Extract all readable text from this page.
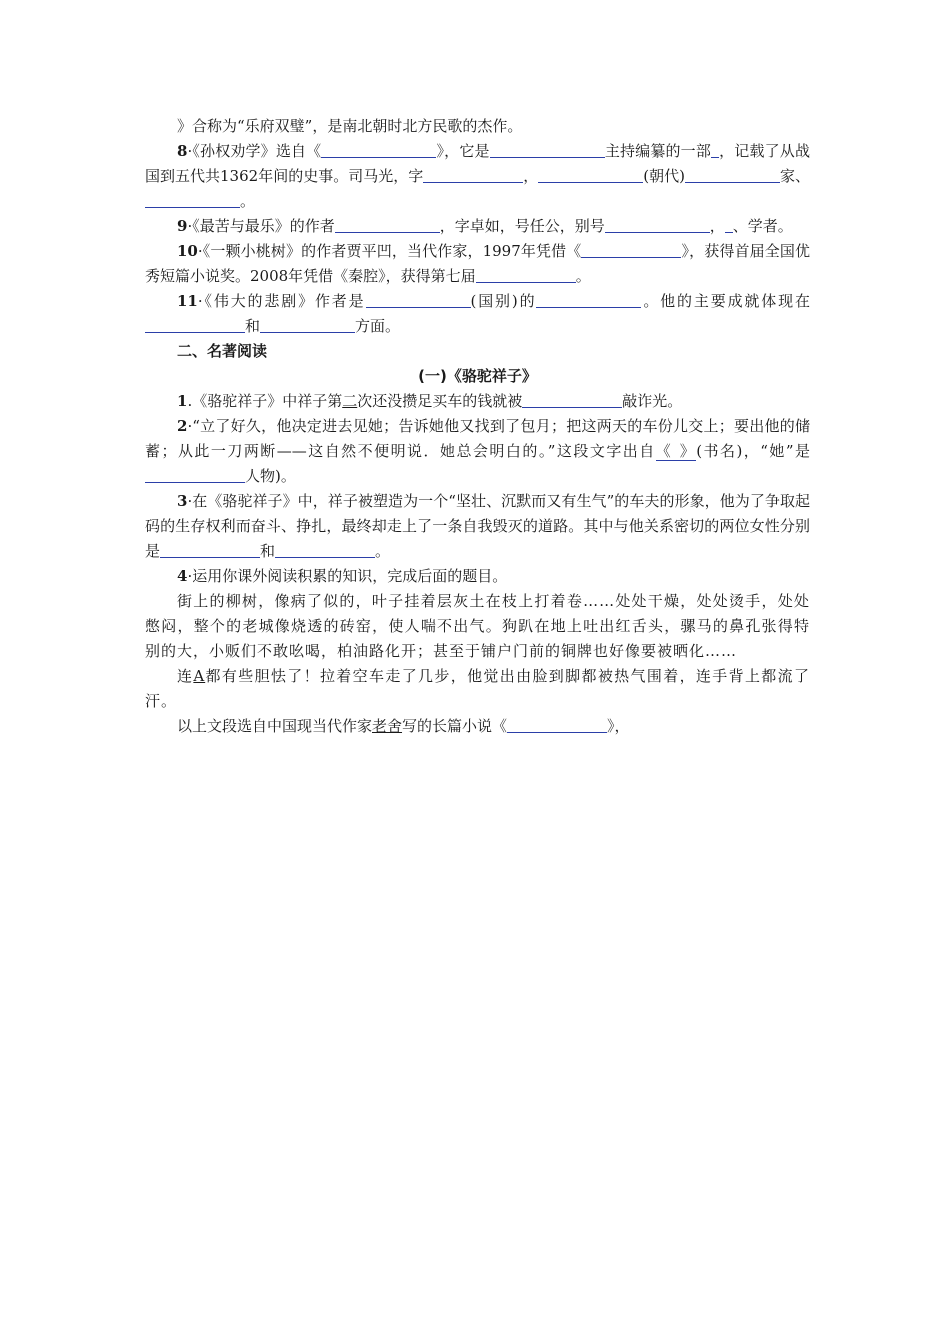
》合称为“乐府双璧”，是南北朝时北方民歌的杰作。

8·《孙权劝学》选自《	》，它是	主持编纂的一部 ，记载了从战国到五代共1362年间的史事。司马光，字	，	(朝代)	家、。

9·《最苦与最乐》的作者	，字卓如，号任公，别号	， 、学者。

10·《一颗小桃树》的作者贾平凹，当代作家，1997年凭借《	》，获得首届全国优秀短篇小说奖。2008年凭借《秦腔》，获得第七届	。

11·《伟大的悲剧》作者是	(国别)的	。他的主要成就体现在和	方面。

二、名著阅读

(一)《骆驼祥子》

1.《骆驼祥子》中祥子第二次还没攒足买车的钱就被	敲诈光。

2·“立了好久，他决定进去见她；告诉她他又找到了包月；把这两天的车份儿交上；要出他的储蓄；从此一刀两断——这自然不便明说．她总会明白的。”这段文字出自《 》(书名)，“她”是人物)。

3·在《骆驼祥子》中，祥子被塑造为一个“坚壮、沉默而又有生气”的车夫的形象，他为了争取起码的生存权利而奋斗、挣扎，最终却走上了一条自我毁灭的道路。其中与他关系密切的两位女性分别是	和	。

4·运用你课外阅读积累的知识，完成后面的题目。

街上的柳树，像病了似的，叶子挂着层灰土在枝上打着卷……处处干燥，处处烫手，处处憋闷，整个的老城像烧透的砖窑，使人喘不出气。狗趴在地上吐出红舌头，骡马的鼻孔张得特别的大，小贩们不敢吆喝，柏油路化开；甚至于铺户门前的铜牌也好像要被晒化……

连A都有些胆怯了！拉着空车走了几步，他觉出由脸到脚都被热气围着，连手背上都流了汗。

以上文段选自中国现当代作家老舍写的长篇小说《	》，
